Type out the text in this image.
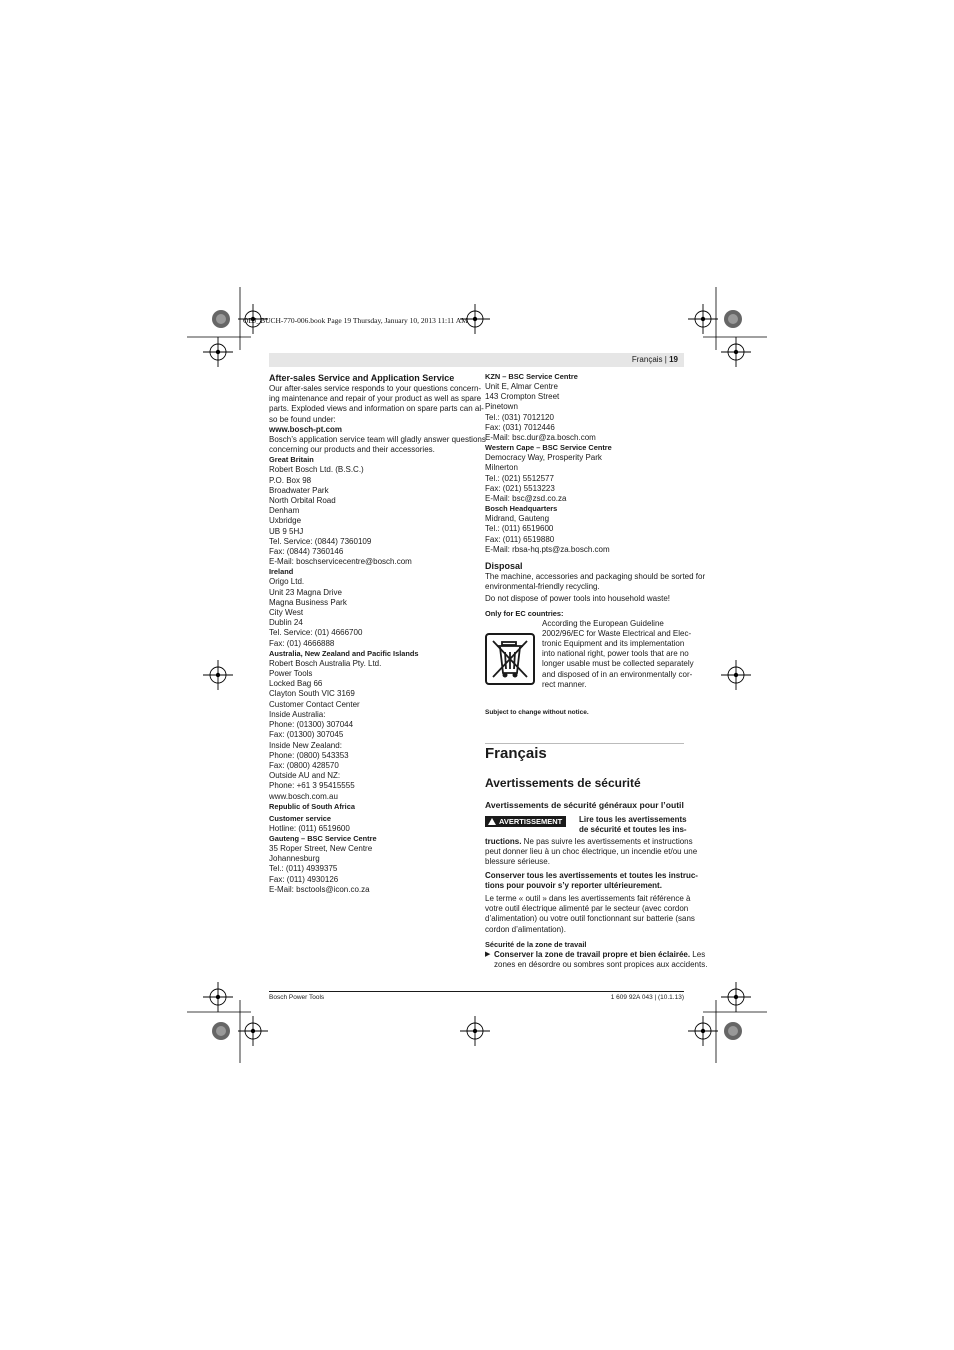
OBJ_BUCH-770-006.book Page 19 Thursday, January 10, 2013 11:11 AM
Français | 19

After-sales Service and Application Service

Our after-sales service responds to your questions concern-
ing maintenance and repair of your product as well as spare
parts. Exploded views and information on spare parts can al-
so be found under:
www.bosch-pt.com
Bosch’s application service team will gladly answer questions
concerning our products and their accessories.

Great Britain

Robert Bosch Ltd. (B.S.C.)
P.O. Box 98
Broadwater Park
North Orbital Road
Denham
Uxbridge
UB 9 5HJ
Tel. Service: (0844) 7360109
Fax: (0844) 7360146
E-Mail: boschservicecentre@bosch.com

Ireland

Origo Ltd.
Unit 23 Magna Drive
Magna Business Park
City West
Dublin 24
Tel. Service: (01) 4666700
Fax: (01) 4666888

Australia, New Zealand and Pacific Islands

Robert Bosch Australia Pty. Ltd.
Power Tools
Locked Bag 66
Clayton South VIC 3169
Customer Contact Center
Inside Australia:
Phone: (01300) 307044
Fax: (01300) 307045
Inside New Zealand:
Phone: (0800) 543353
Fax: (0800) 428570
Outside AU and NZ:
Phone: +61 3 95415555
www.bosch.com.au

Republic of South Africa

Customer service

Hotline: (011) 6519600

Gauteng – BSC Service Centre

35 Roper Street, New Centre
Johannesburg
Tel.: (011) 4939375
Fax: (011) 4930126
E-Mail: bsctools@icon.co.za

KZN – BSC Service Centre

Unit E, Almar Centre
143 Crompton Street
Pinetown
Tel.: (031) 7012120
Fax: (031) 7012446
E-Mail: bsc.dur@za.bosch.com

Western Cape – BSC Service Centre

Democracy Way, Prosperity Park
Milnerton
Tel.: (021) 5512577
Fax: (021) 5513223
E-Mail: bsc@zsd.co.za

Bosch Headquarters

Midrand, Gauteng
Tel.: (011) 6519600
Fax: (011) 6519880
E-Mail: rbsa-hq.pts@za.bosch.com

Disposal

The machine, accessories and packaging should be sorted for
environmental-friendly recycling.
Do not dispose of power tools into household waste!

Only for EC countries:

According the European Guideline
2002/96/EC for Waste Electrical and Elec-
tronic Equipment and its implementation
into national right, power tools that are no
longer usable must be collected separately
and disposed of in an environmentally cor-
rect manner.
Subject to change without notice.
Français
Avertissements de sécurité
Avertissements de sécurité généraux pour l’outil
AVERTISSEMENT	Lire tous les avertissements
de sécurité et toutes les ins-
tructions. Ne pas suivre les avertissements et instructions
peut donner lieu à un choc électrique, un incendie et/ou une
blessure sérieuse.
Conserver tous les avertissements et toutes les instruc-
tions pour pouvoir s’y reporter ultérieurement.
Le terme « outil » dans les avertissements fait référence à
votre outil électrique alimenté par le secteur (avec cordon
d’alimentation) ou votre outil fonctionnant sur batterie (sans
cordon d’alimentation).

Sécurité de la zone de travail

▶ Conserver la zone de travail propre et bien éclairée. Les
zones en désordre ou sombres sont propices aux accidents.
Bosch Power Tools	1 609 92A 043 | (10.1.13)
